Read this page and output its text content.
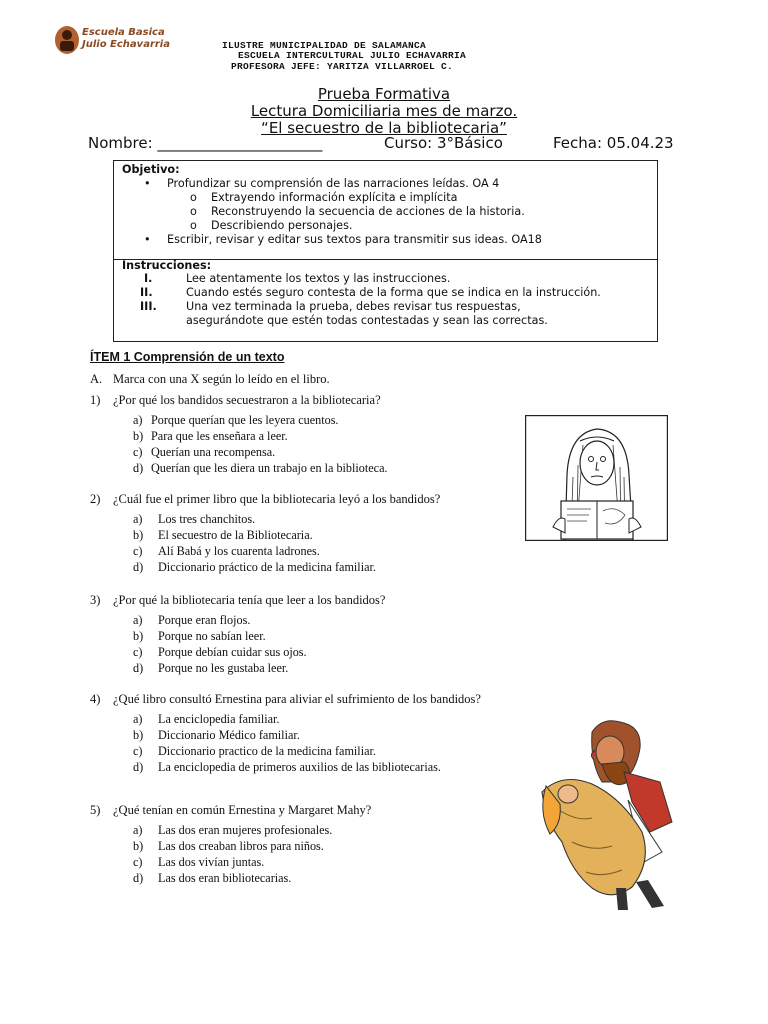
Escuela Basica
Julio Echavarria	ILUSTRE MUNICIPALIDAD DE SALAMANCA
ESCUELA INTERCULTURAL JULIO ECHAVARRIA
PROFESORA JEFE: YARITZA VILLARROEL C.
Prueba Formativa
Lectura Domiciliaria mes de marzo.
“El secuestro de la bibliotecaria”
Nombre: ______________________	Curso: 3°Básico	Fecha: 05.04.23
Objetivo:
• Profundizar su comprensión de las narraciones leídas. OA 4
o Extrayendo información explícita e implícita
o Reconstruyendo la secuencia de acciones de la historia.
o Describiendo personajes.
• Escribir, revisar y editar sus textos para transmitir sus ideas. OA18
Instrucciones:
I.	Lee atentamente los textos y las instrucciones.
II.	Cuando estés seguro contesta de la forma que se indica en la instrucción.
III.	Una vez terminada la prueba, debes revisar tus respuestas,
asegurándote que estén todas contestadas y sean las correctas.
ÍTEM 1 Comprensión de un texto
A. Marca con una X según lo leído en el libro.
1) ¿Por qué los bandidos secuestraron a la bibliotecaria?
a) Porque querían que les leyera cuentos.
b) Para que les enseñara a leer.
c) Querían una recompensa.
d) Querían que les diera un trabajo en la biblioteca.
2) ¿Cuál fue el primer libro que la bibliotecaria leyó a los bandidos?
a) Los tres chanchitos.
b) El secuestro de la Bibliotecaria.
c) Alí Babá y los cuarenta ladrones.
d) Diccionario práctico de la medicina familiar.
3) ¿Por qué la bibliotecaria tenía que leer a los bandidos?
a) Porque eran flojos.
b) Porque no sabían leer.
c) Porque debían cuidar sus ojos.
d) Porque no les gustaba leer.
4) ¿Qué libro consultó Ernestina para aliviar el sufrimiento de los bandidos?
a) La enciclopedia familiar.
b) Diccionario Médico familiar.
c) Diccionario practico de la medicina familiar.
d) La enciclopedia de primeros auxilios de las bibliotecarias.
5) ¿Qué tenían en común Ernestina y Margaret Mahy?
a) Las dos eran mujeres profesionales.
b) Las dos creaban libros para niños.
c) Las dos vivían juntas.
d) Las dos eran bibliotecarias.
